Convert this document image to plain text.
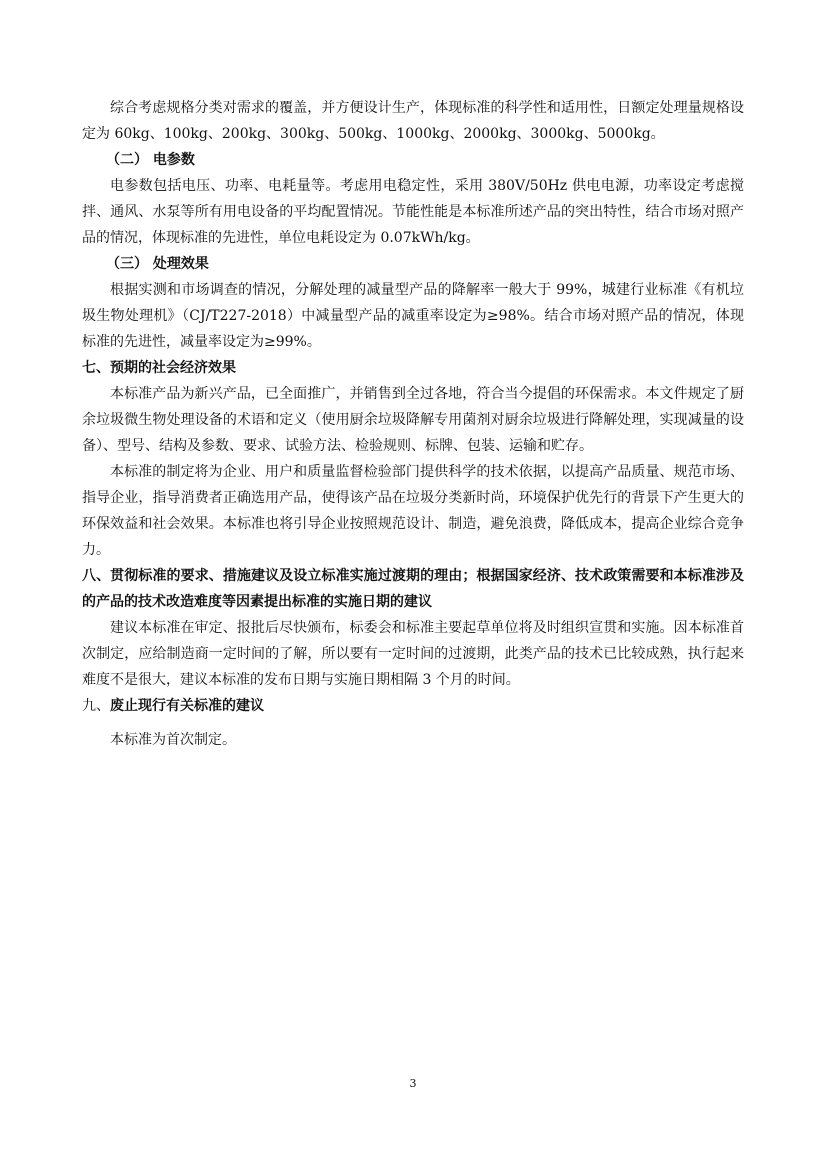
综合考虑规格分类对需求的覆盖，并方便设计生产，体现标准的科学性和适用性，日额定处理量规格设定为 60kg、100kg、200kg、300kg、500kg、1000kg、2000kg、3000kg、5000kg。

（二） 电参数

电参数包括电压、功率、电耗量等。考虑用电稳定性，采用 380V/50Hz 供电电源，功率设定考虑搅拌、通风、水泵等所有用电设备的平均配置情况。节能性能是本标准所述产品的突出特性，结合市场对照产品的情况，体现标准的先进性，单位电耗设定为 0.07kWh/kg。

（三） 处理效果

根据实测和市场调查的情况，分解处理的减量型产品的降解率一般大于 99%，城建行业标准《有机垃圾生物处理机》（CJ/T227-2018）中减量型产品的减重率设定为≥98%。结合市场对照产品的情况，体现标准的先进性，减量率设定为≥99%。

七、预期的社会经济效果

本标准产品为新兴产品，已全面推广，并销售到全过各地，符合当今提倡的环保需求。本文件规定了厨余垃圾微生物处理设备的术语和定义（使用厨余垃圾降解专用菌剂对厨余垃圾进行降解处理，实现减量的设备）、型号、结构及参数、要求、试验方法、检验规则、标牌、包装、运输和贮存。

本标准的制定将为企业、用户和质量监督检验部门提供科学的技术依据，以提高产品质量、规范市场、指导企业，指导消费者正确选用产品，使得该产品在垃圾分类新时尚，环境保护优先行的背景下产生更大的环保效益和社会效果。本标准也将引导企业按照规范设计、制造，避免浪费，降低成本，提高企业综合竞争力。

八、贯彻标准的要求、措施建议及设立标准实施过渡期的理由；根据国家经济、技术政策需要和本标准涉及的产品的技术改造难度等因素提出标准的实施日期的建议

建议本标准在审定、报批后尽快颁布，标委会和标准主要起草单位将及时组织宣贯和实施。因本标准首次制定，应给制造商一定时间的了解，所以要有一定时间的过渡期，此类产品的技术已比较成熟，执行起来难度不是很大，建议本标准的发布日期与实施日期相隔 3 个月的时间。

九、废止现行有关标准的建议

本标准为首次制定。

3
